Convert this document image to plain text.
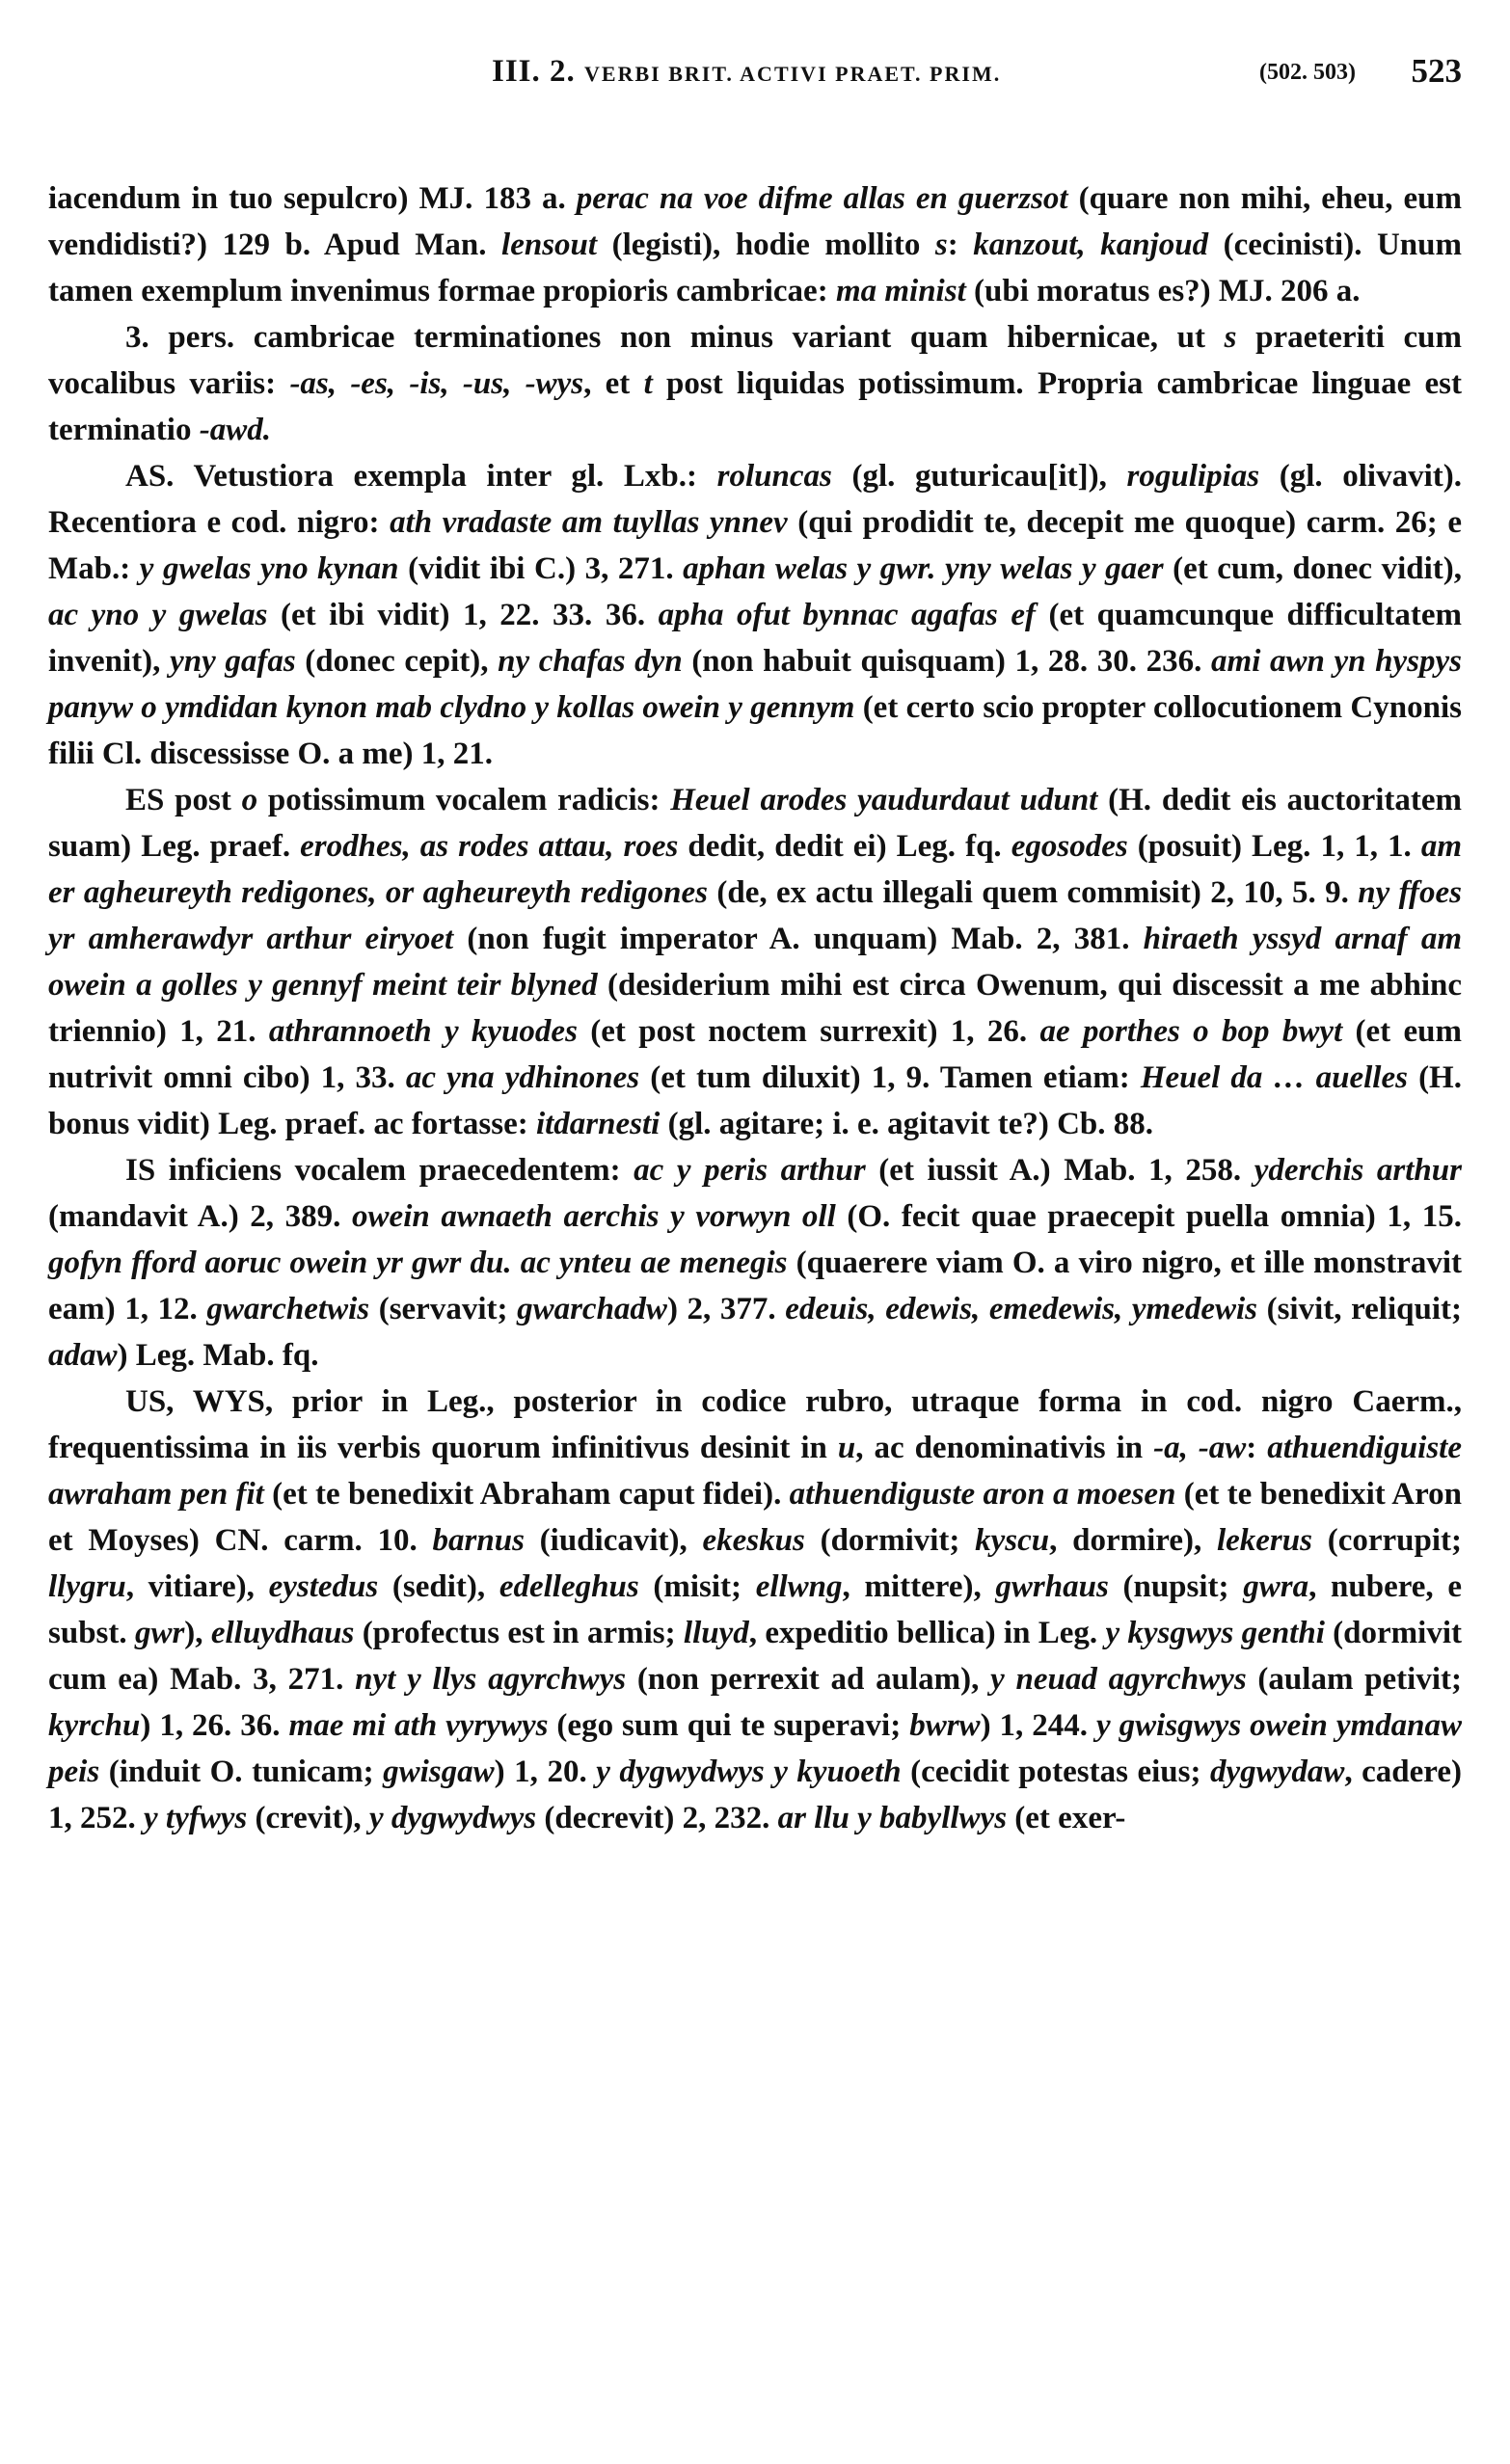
III. 2. VERBI BRIT. ACTIVI PRAET. PRIM.	(502. 503) 523

iacendum in tuo sepulcro) MJ. 183 a. perac na voe difme allas en guerzsot (quare non mihi, eheu, eum vendidisti?) 129 b. Apud Man. lensout (legisti), hodie mollito s: kanzout, kanjoud (cecinisti). Unum tamen exemplum invenimus formae propioris cambricae: ma minist (ubi moratus es?) MJ. 206 a.

3. pers. cambricae terminationes non minus variant quam hibernicae, ut s praeteriti cum vocalibus variis: -as, -es, -is, -us, -wys, et t post liquidas potissimum. Propria cambricae linguae est terminatio -awd.

AS. Vetustiora exempla inter gl. Lxb.: roluncas (gl. guturicau[it]), rogulipias (gl. olivavit). Recentiora e cod. nigro: ath vradaste am tuyllas ynnev (qui prodidit te, decepit me quoque) carm. 26; e Mab.: y gwelas yno kynan (vidit ibi C.) 3, 271. aphan welas y gwr. yny welas y gaer (et cum, donec vidit), ac yno y gwelas (et ibi vidit) 1, 22. 33. 36. apha ofut bynnac agafas ef (et quamcunque difficultatem invenit), yny gafas (donec cepit), ny chafas dyn (non habuit quisquam) 1, 28. 30. 236. ami awn yn hyspys panyw o ymdidan kynon mab clydno y kollas owein y gennym (et certo scio propter collocutionem Cynonis filii Cl. discessisse O. a me) 1, 21.

ES post o potissimum vocalem radicis: Heuel arodes yaudurdaut udunt (H. dedit eis auctoritatem suam) Leg. praef. erodhes, as rodes attau, roes dedit, dedit ei) Leg. fq. egosodes (posuit) Leg. 1, 1, 1. am er agheureyth redigones, or agheureyth redigones (de, ex actu illegali quem commisit) 2, 10, 5. 9. ny ffoes yr amherawdyr arthur eiryoet (non fugit imperator A. unquam) Mab. 2, 381. hiraeth yssyd arnaf am owein a golles y gennyf meint teir blyned (desiderium mihi est circa Owenum, qui discessit a me abhinc triennio) 1, 21. athrannoeth y kyuodes (et post noctem surrexit) 1, 26. ae porthes o bop bwyt (et eum nutrivit omni cibo) 1, 33. ac yna ydhinones (et tum diluxit) 1, 9. Tamen etiam: Heuel da … auelles (H. bonus vidit) Leg. praef. ac fortasse: itdarnesti (gl. agitare; i. e. agitavit te?) Cb. 88.

IS inficiens vocalem praecedentem: ac y peris arthur (et iussit A.) Mab. 1, 258. yderchis arthur (mandavit A.) 2, 389. owein awnaeth aerchis y vorwyn oll (O. fecit quae praecepit puella omnia) 1, 15. gofyn fford aoruc owein yr gwr du. ac ynteu ae menegis (quaerere viam O. a viro nigro, et ille monstravit eam) 1, 12. gwarchetwis (servavit; gwarchadw) 2, 377. edeuis, edewis, emedewis, ymedewis (sivit, reliquit; adaw) Leg. Mab. fq.

US, WYS, prior in Leg., posterior in codice rubro, utraque forma in cod. nigro Caerm., frequentissima in iis verbis quorum infinitivus desinit in u, ac denominativis in -a, -aw: athuendiguiste awraham pen fit (et te benedixit Abraham caput fidei). athuendiguste aron a moesen (et te benedixit Aron et Moyses) CN. carm. 10. barnus (iudicavit), ekeskus (dormivit; kyscu, dormire), lekerus (corrupit; llygru, vitiare), eystedus (sedit), edelleghus (misit; ellwng, mittere), gwrhaus (nupsit; gwra, nubere, e subst. gwr), elluydhaus (profectus est in armis; lluyd, expeditio bellica) in Leg. y kysgwys genthi (dormivit cum ea) Mab. 3, 271. nyt y llys agyrchwys (non perrexit ad aulam), y neuad agyrchwys (aulam petivit; kyrchu) 1, 26. 36. mae mi ath vyrywys (ego sum qui te superavi; bwrw) 1, 244. y gwisgwys owein ymdanaw peis (induit O. tunicam; gwisgaw) 1, 20. y dygwydwys y kyuoeth (cecidit potestas eius; dygwydaw, cadere) 1, 252. y tyfwys (crevit), y dygwydwys (decrevit) 2, 232. ar llu y babyllwys (et exer-
